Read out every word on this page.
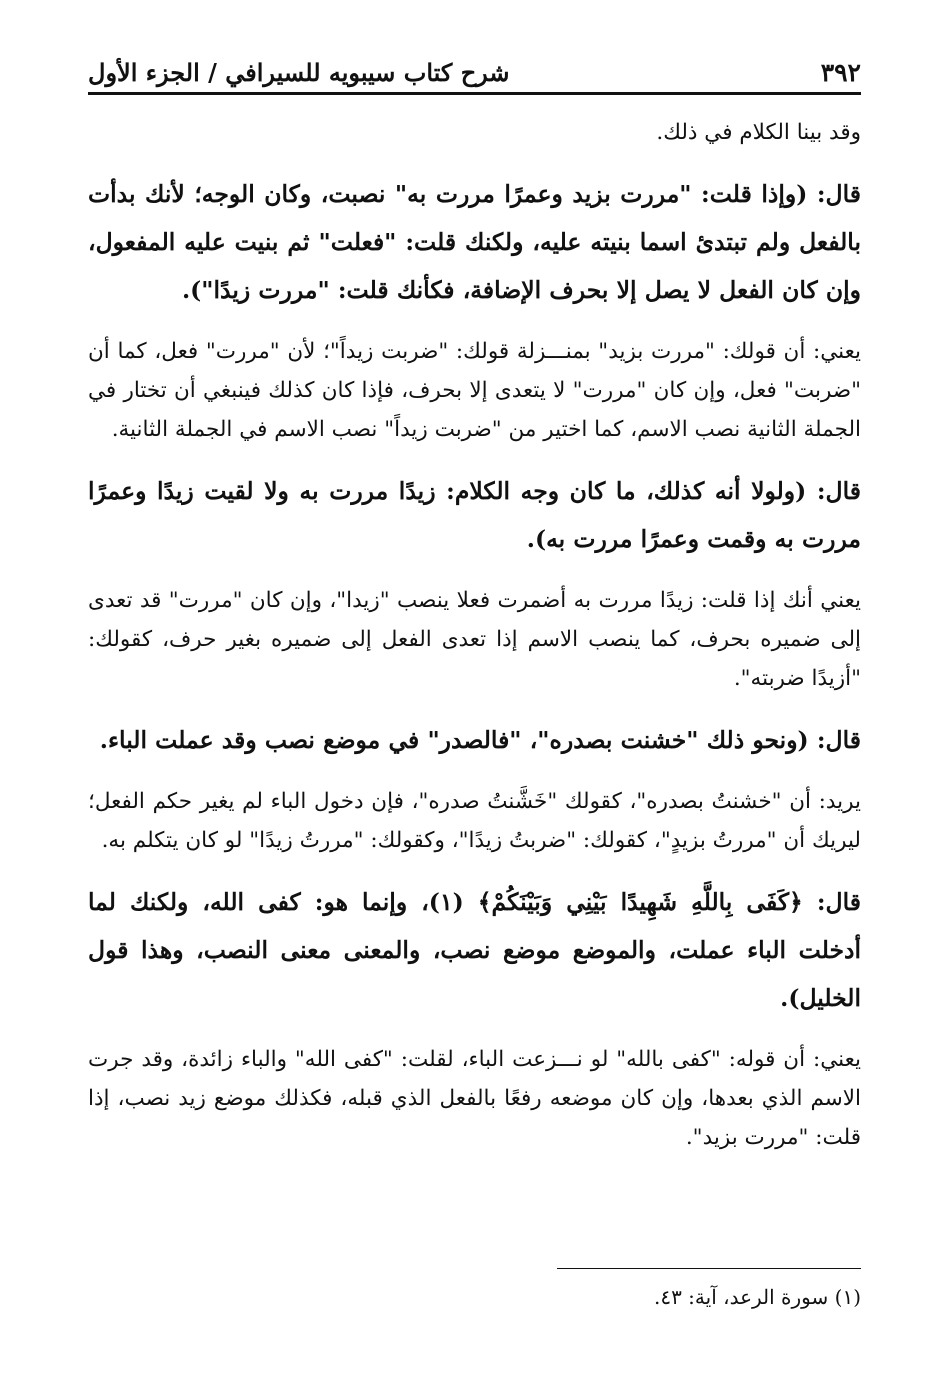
٣٩٢
شرح كتاب سيبويه للسيرافي / الجزء الأول

وقد بينا الكلام في ذلك.

قال: (وإذا قلت: "مررت بزيد وعمرًا مررت به" نصبت، وكان الوجه؛ لأنك بدأت بالفعل ولم تبتدئ اسما بنيته عليه، ولكنك قلت: "فعلت" ثم بنيت عليه المفعول، وإن كان الفعل لا يصل إلا بحرف الإضافة، فكأنك قلت: "مررت زيدًا").

يعني: أن قولك: "مررت بزيد" بمنـــزلة قولك: "ضربت زيداً"؛ لأن "مررت" فعل، كما أن "ضربت" فعل، وإن كان "مررت" لا يتعدى إلا بحرف، فإذا كان كذلك فينبغي أن تختار في الجملة الثانية نصب الاسم، كما اختير من "ضربت زيداً" نصب الاسم في الجملة الثانية.

قال: (ولولا أنه كذلك، ما كان وجه الكلام: زيدًا مررت به ولا لقيت زيدًا وعمرًا مررت به وقمت وعمرًا مررت به).

يعني أنك إذا قلت: زيدًا مررت به أضمرت فعلا ينصب "زيدا"، وإن كان "مررت" قد تعدى إلى ضميره بحرف، كما ينصب الاسم إذا تعدى الفعل إلى ضميره بغير حرف، كقولك: "أزيدًا ضربته".

قال: (ونحو ذلك "خشنت بصدره"، "فالصدر" في موضع نصب وقد عملت الباء.

يريد: أن "خشنتُ بصدره"، كقولك "خَشَّنتُ صدره"، فإن دخول الباء لم يغير حكم الفعل؛ ليريك أن "مررتُ بزيدٍ"، كقولك: "ضربتُ زيدًا"، وكقولك: "مررتُ زيدًا" لو كان يتكلم به.

قال: ﴿كَفَى بِاللَّهِ شَهِيدًا بَيْنِي وَبَيْنَكُمْ﴾ (١)، وإنما هو: كفى الله، ولكنك لما أدخلت الباء عملت، والموضع موضع نصب، والمعنى معنى النصب، وهذا قول الخليل).

يعني: أن قوله: "كفى بالله" لو نـــزعت الباء، لقلت: "كفى الله" والباء زائدة، وقد جرت الاسم الذي بعدها، وإن كان موضعه رفعًا بالفعل الذي قبله، فكذلك موضع زيد نصب، إذا قلت: "مررت بزيد".

(١) سورة الرعد، آية: ٤٣.
